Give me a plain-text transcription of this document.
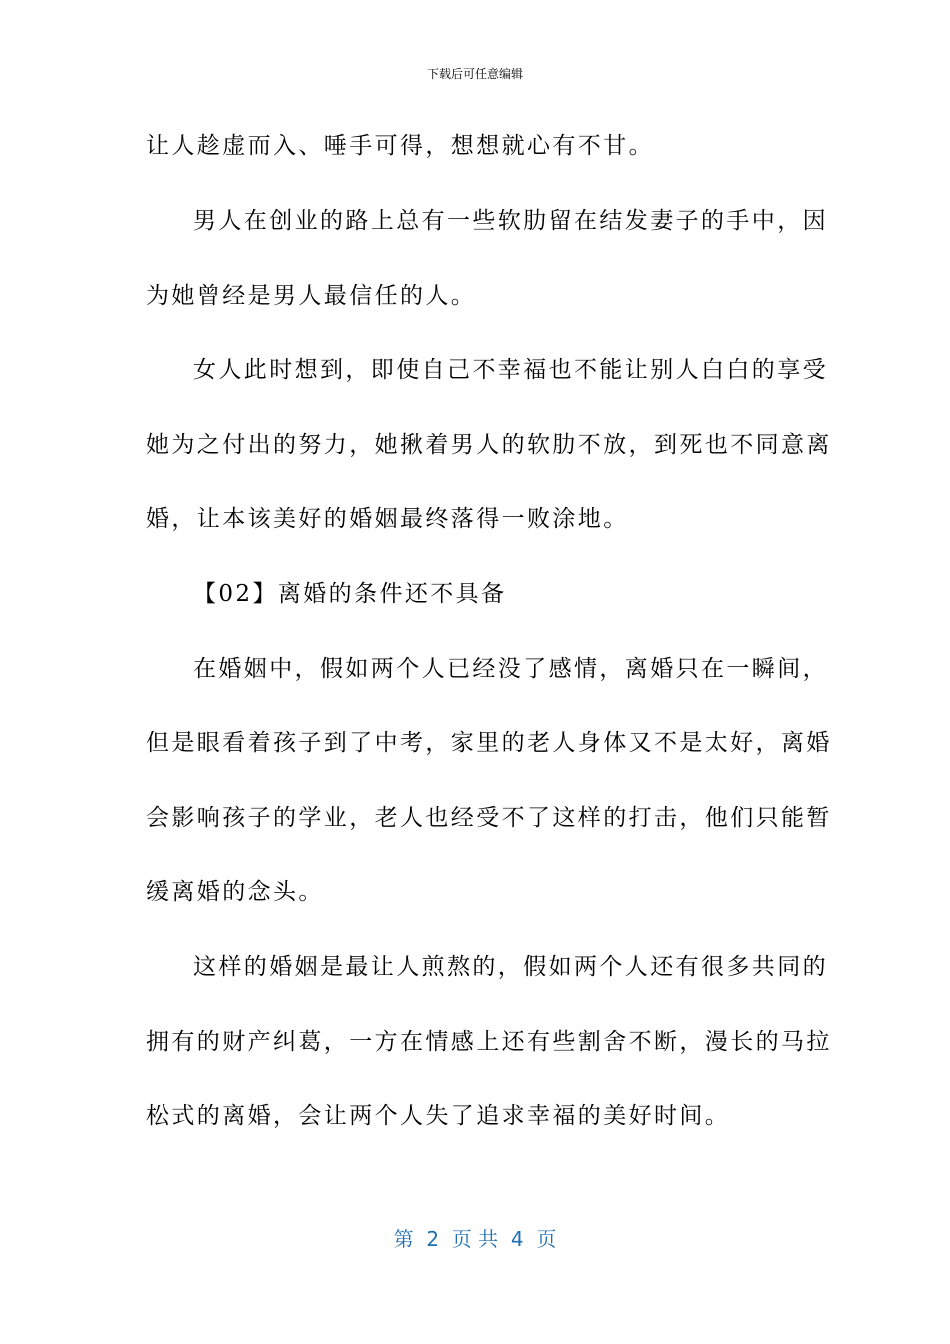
下载后可任意编辑
让人趁虚而入、唾手可得，想想就心有不甘。
男人在创业的路上总有一些软肋留在结发妻子的手中，因
为她曾经是男人最信任的人。
女人此时想到，即使自己不幸福也不能让别人白白的享受
她为之付出的努力，她揪着男人的软肋不放，到死也不同意离
婚，让本该美好的婚姻最终落得一败涂地。
【02】离婚的条件还不具备
在婚姻中，假如两个人已经没了感情，离婚只在一瞬间，
但是眼看着孩子到了中考，家里的老人身体又不是太好，离婚
会影响孩子的学业，老人也经受不了这样的打击，他们只能暂
缓离婚的念头。
这样的婚姻是最让人煎熬的，假如两个人还有很多共同的
拥有的财产纠葛，一方在情感上还有些割舍不断，漫长的马拉
松式的离婚，会让两个人失了追求幸福的美好时间。
第  2  页 共  4  页
